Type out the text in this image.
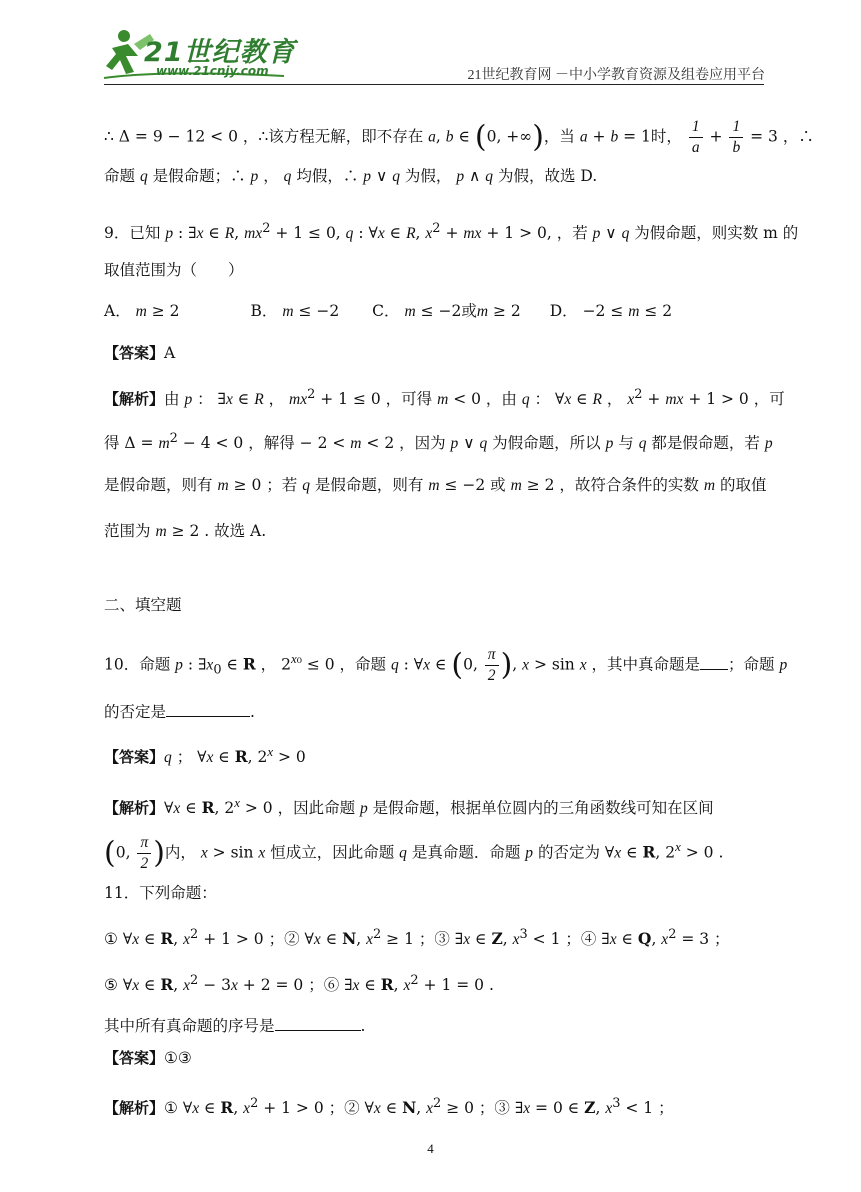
21世纪教育
www.21cnjy.com	21世纪教育网 －中小学教育资源及组卷应用平台
∴ Δ = 9 − 12 < 0 ，∴该方程无解，即不存在 a, b ∈ (0, +∞)，当 a + b = 1时， $\frac{1}{a} + \frac{1}{b} = 3$ ，∴
命题 q 是假命题；∴ p ， q 均假，∴ p ∨ q 为假， p ∧ q 为假，故选 D.
9．已知 p : ∃x ∈ R, $mx^2 + 1 \le 0$, q : ∀x ∈ R, $x^2$ + mx + 1 > 0, ，若 p ∨ q 为假命题，则实数 m 的
取值范围为（　　）
A． m ≥ 2	B． m ≤ −2 C． m ≤ −2或m ≥ 2 D． −2 ≤ m ≤ 2
【答案】A
【解析】由 p ： ∃x ∈ R ， $mx^2 + 1 \le 0$ ，可得 m < 0 ，由 q ： ∀x ∈ R ， $x^2$ + mx + 1 > 0 ，可
得 $\Delta = m^2 - 4 < 0$ ，解得 − 2 < m < 2 ，因为 p ∨ q 为假命题，所以 p 与 q 都是假命题，若 p
是假命题，则有 m ≥ 0 ；若 q 是假命题，则有 m ≤ −2 或 m ≥ 2 ，故符合条件的实数 m 的取值
范围为 m ≥ 2 . 故选 A.
二、填空题
10．命题 p : $\exists x_0$ ∈ R ， $2^{x_0} \le 0$ ，命题 q : ∀x ∈ (0, $\frac{\pi}{2}$ ), x > sin x ，其中真命题是 ；命题 p
的否定是	.
【答案】q ； ∀x ∈ R, $2^x > 0$
【解析】∀x ∈ R, $2^x > 0$ ，因此命题 p 是假命题，根据单位圆内的三角函数线可知在区间
(0, $\frac{\pi}{2}$ )内， x > sin x 恒成立，因此命题 q 是真命题．命题 p 的否定为 ∀x ∈ R, $2^x > 0$ .
11．下列命题：
① ∀x ∈ R, $x^2 + 1 > 0$ ；② ∀x ∈ N, $x^2 \ge 1$ ；③ ∃x ∈ Z, $x^3 < 1$ ；④ ∃x ∈ Q, $x^2 = 3$ ；
⑤ ∀x ∈ R, $x^2 - 3x + 2 = 0$ ；⑥ ∃x ∈ R, $x^2 + 1 = 0$ .
其中所有真命题的序号是	.
【答案】①③
【解析】① ∀x ∈ R, $x^2 + 1 > 0$ ；② ∀x ∈ N, $x^2 \ge 0$ ；③ ∃x = 0 ∈ Z, $x^3 < 1$ ；
4
